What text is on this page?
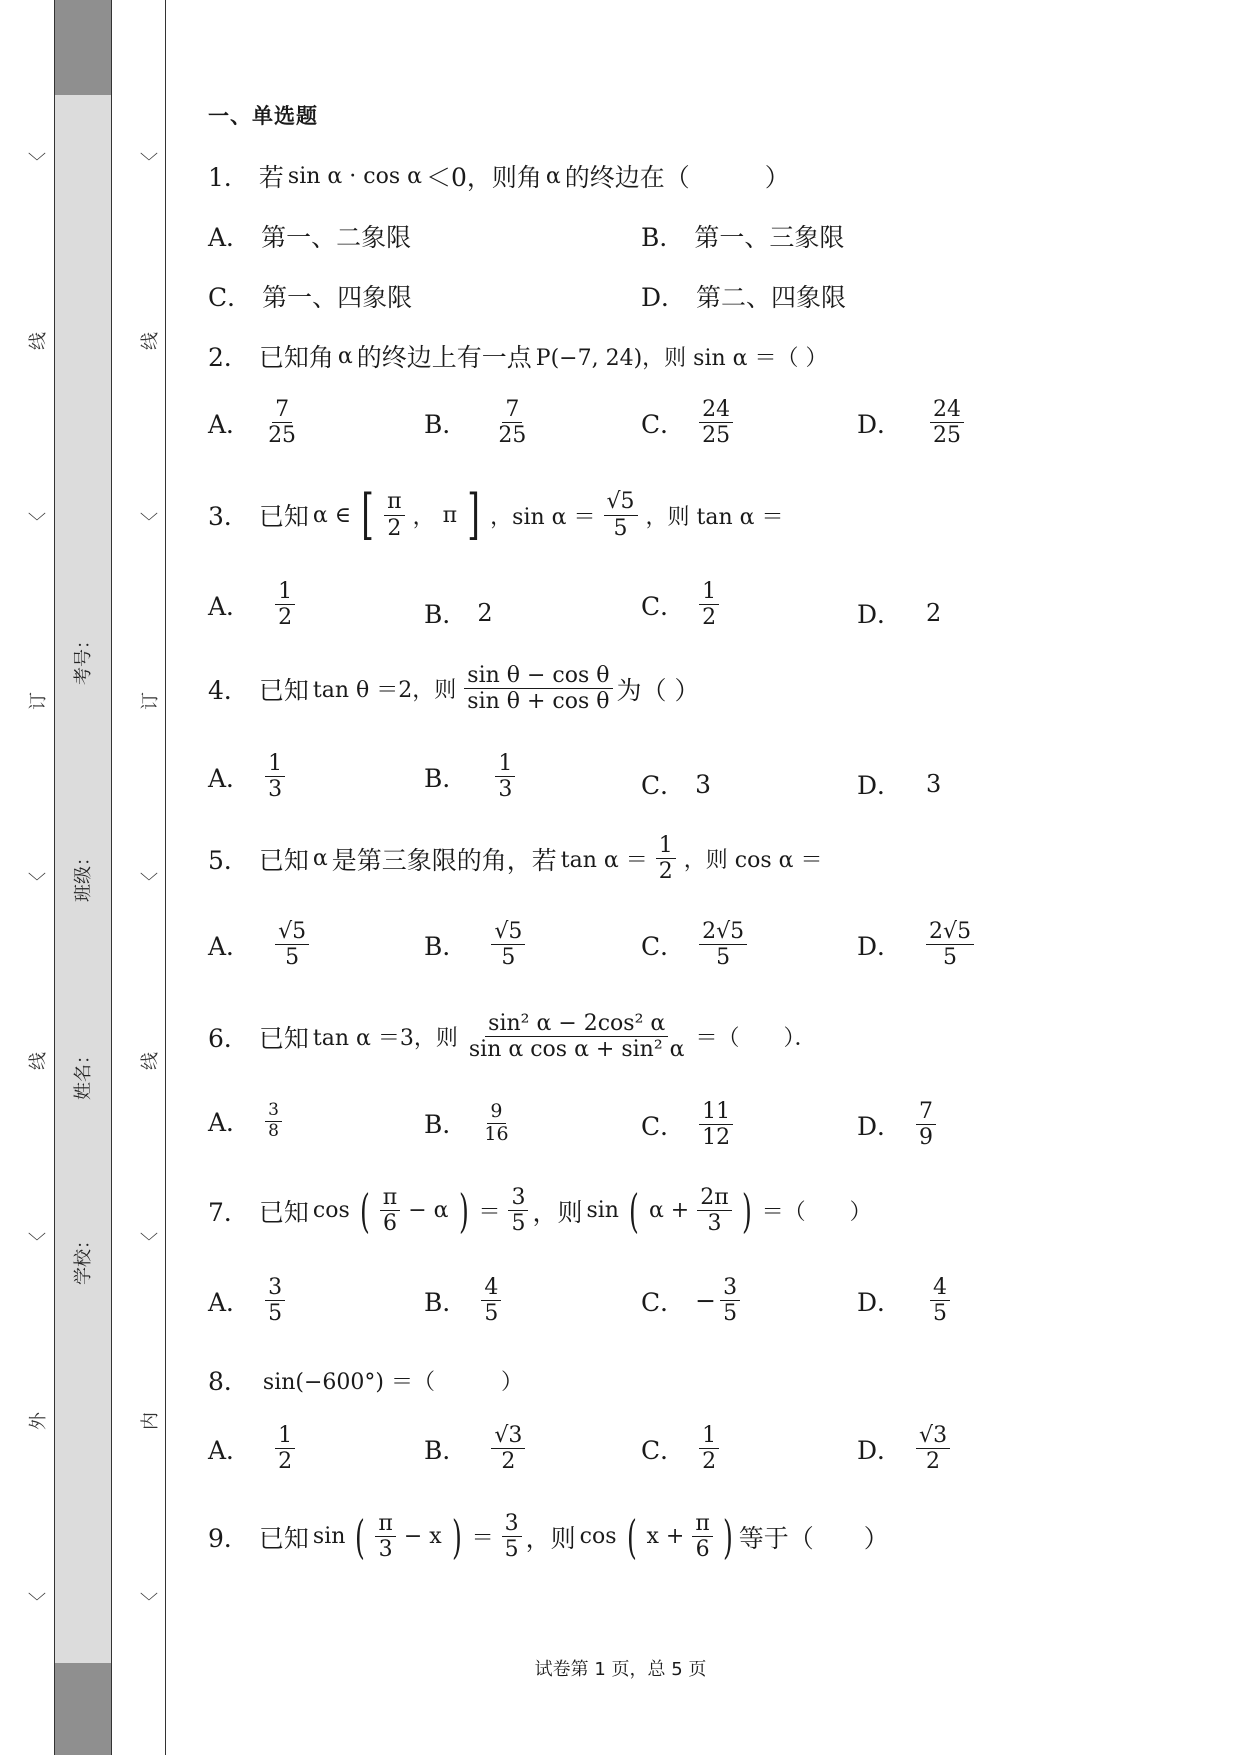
〈
线
〈
订
〈
线
〈
外
〈
〈
线
〈
订
〈
线
〈
内
〈
考号：
班级：
姓名：
学校：
一、单选题
1． 若 sin α · cos α ＜0，则角 α 的终边在（　　　）
A． 第一、二象限	B． 第一、三象限
C． 第一、四象限	D． 第二、四象限
2． 已知角 α 的终边上有一点 P(−7, 24)，则 sin α ＝（ ）
A． $\frac{7}{25}$	B． $\frac{7}{25}$	C． $\frac{24}{25}$	D． $\frac{24}{25}$
3． 已知 α ∈ [ $\frac{\pi}{2}$ ， π ] ，$\sin \alpha = \frac{√5}{5}$ ，则 tan α ＝
A． $\frac{1}{2}$	B． 2	C． $\frac{1}{2}$	D． 2
4． 已知 tan θ ＝2，则 $\frac{\text{sin θ − cos θ}}{\text{sin θ + cos θ}}$ 为（ ）
A． $\frac{1}{3}$	B． $\frac{1}{3}$	C． 3	D． 3
5． 已知 α 是第三象限的角，若 $\tan \alpha = \frac{1}{2}$ ，则 cos α ＝
A． $\frac{√5}{5}$	B． $\frac{√5}{5}$	C． $\frac{2√5}{5}$	D． $\frac{2√5}{5}$
6． 已知 tan α ＝3，则 $\frac{\text{sin² α − 2cos² α}}{\text{sin α cos α + sin² α}}$ ＝（　　）．
A． $\frac{3}{8}$	B． $\frac{9}{16}$	C． $\frac{11}{12}$	D． $\frac{7}{9}$
7． 已知 cos ( $\frac{\pi}{6} - \alpha$ ) ＝ $\frac{3}{5}$ ，则 sin ( $\alpha + \frac{2\pi}{3}$ ) ＝（　　）
A． $\frac{3}{5}$	B． $\frac{4}{5}$	C． − $\frac{3}{5}$	D． $\frac{4}{5}$
8． sin(−600°) ＝（　　　）
A． $\frac{1}{2}$	B． $\frac{√3}{2}$	C． $\frac{1}{2}$	D． $\frac{√3}{2}$
9． 已知 sin ( $\frac{\pi}{3} - x$ ) ＝ $\frac{3}{5}$ ，则 cos ( $x + \frac{\pi}{6}$ ) 等于（　　）
试卷第 1 页，总 5 页
